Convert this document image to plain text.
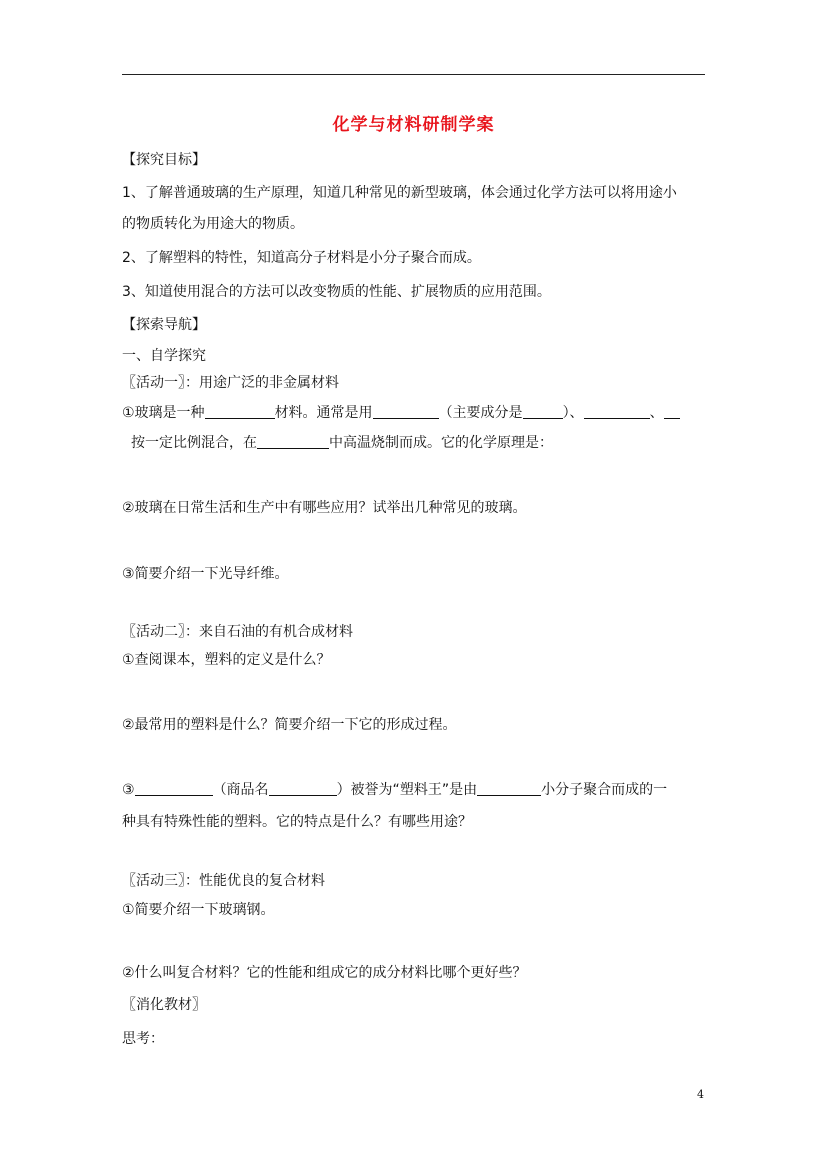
化学与材料研制学案
【探究目标】
1、了解普通玻璃的生产原理，知道几种常见的新型玻璃，体会通过化学方法可以将用途小
的物质转化为用途大的物质。
2、了解塑料的特性，知道高分子材料是小分子聚合而成。
3、知道使用混合的方法可以改变物质的性能、扩展物质的应用范围。
【探索导航】
一、自学探究
〖活动一〗：用途广泛的非金属材料
①玻璃是一种	材料。通常是用	（主要成分是	）、	、
按一定比例混合，在	中高温烧制而成。它的化学原理是：
②玻璃在日常生活和生产中有哪些应用？试举出几种常见的玻璃。
③简要介绍一下光导纤维。
〖活动二〗：来自石油的有机合成材料
①查阅课本，塑料的定义是什么？
②最常用的塑料是什么？简要介绍一下它的形成过程。
③	（商品名	）被誉为“塑料王”是由	小分子聚合而成的一
种具有特殊性能的塑料。它的特点是什么？有哪些用途？
〖活动三〗：性能优良的复合材料
①简要介绍一下玻璃钢。
②什么叫复合材料？它的性能和组成它的成分材料比哪个更好些？
〖消化教材〗
思考：
4
